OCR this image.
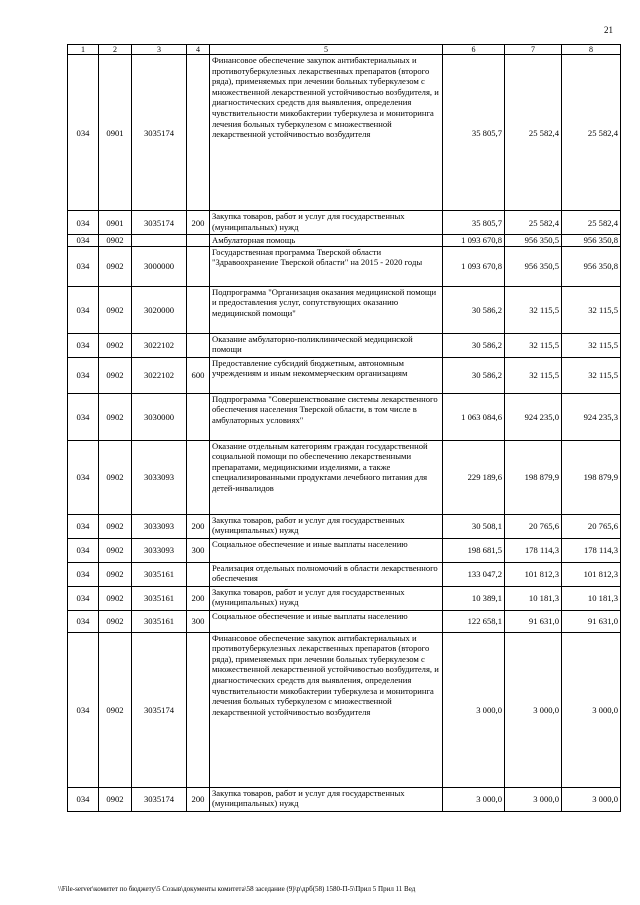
21
1	2	3	4	5	6	7	8
034	0901	3035174		Финансовое обеспечение закупок антибактериальных и противотуберкулезных лекарственных препаратов (второго ряда), применяемых при лечении больных туберкулезом с множественной лекарственной устойчивостью возбудителя, и диагностических средств для выявления, определения чувствительности микобактерии туберкулеза и мониторинга лечения больных туберкулезом с множественной лекарственной устойчивостью возбудителя	35 805,7	25 582,4	25 582,4
034	0901	3035174	200	Закупка товаров, работ и услуг для государственных (муниципальных) нужд	35 805,7	25 582,4	25 582,4
034	0902			Амбулаторная помощь	1 093 670,8	956 350,5	956 350,8
034	0902	3000000		Государственная программа Тверской области "Здравоохранение Тверской области" на 2015 - 2020 годы	1 093 670,8	956 350,5	956 350,8
034	0902	3020000		Подпрограмма "Организация оказания медицинской помощи и предоставления услуг, сопутствующих оказанию медицинской помощи"	30 586,2	32 115,5	32 115,5
034	0902	3022102		Оказание амбулаторно-поликлинической медицинской помощи	30 586,2	32 115,5	32 115,5
034	0902	3022102	600	Предоставление субсидий бюджетным, автономным учреждениям и иным некоммерческим организациям	30 586,2	32 115,5	32 115,5
034	0902	3030000		Подпрограмма "Совершенствование системы лекарственного обеспечения населения Тверской области, в том числе в амбулаторных условиях"	1 063 084,6	924 235,0	924 235,3
034	0902	3033093		Оказание отдельным категориям граждан государственной социальной помощи по обеспечению лекарственными препаратами, медицинскими изделиями, а также специализированными продуктами лечебного питания для детей-инвалидов	229 189,6	198 879,9	198 879,9
034	0902	3033093	200	Закупка товаров, работ и услуг для государственных (муниципальных) нужд	30 508,1	20 765,6	20 765,6
034	0902	3033093	300	Социальное обеспечение и иные выплаты населению	198 681,5	178 114,3	178 114,3
034	0902	3035161		Реализация отдельных полномочий в области лекарственного обеспечения	133 047,2	101 812,3	101 812,3
034	0902	3035161	200	Закупка товаров, работ и услуг для государственных (муниципальных) нужд	10 389,1	10 181,3	10 181,3
034	0902	3035161	300	Социальное обеспечение и иные выплаты населению	122 658,1	91 631,0	91 631,0
034	0902	3035174		Финансовое обеспечение закупок антибактериальных и противотуберкулезных лекарственных препаратов (второго ряда), применяемых при лечении больных туберкулезом с множественной лекарственной устойчивостью возбудителя, и диагностических средств для выявления, определения чувствительности микобактерии туберкулеза и мониторинга лечения больных туберкулезом с множественной лекарственной устойчивостью возбудителя	3 000,0	3 000,0	3 000,0
034	0902	3035174	200	Закупка товаров, работ и услуг для государственных (муниципальных) нужд	3 000,0	3 000,0	3 000,0
\\File-server\комитет по бюджету\5 Созыв\документы комитета\58 заседание (9)\p\дрб(58) 1580-П-5\Прил 5 Прил 11 Вед
